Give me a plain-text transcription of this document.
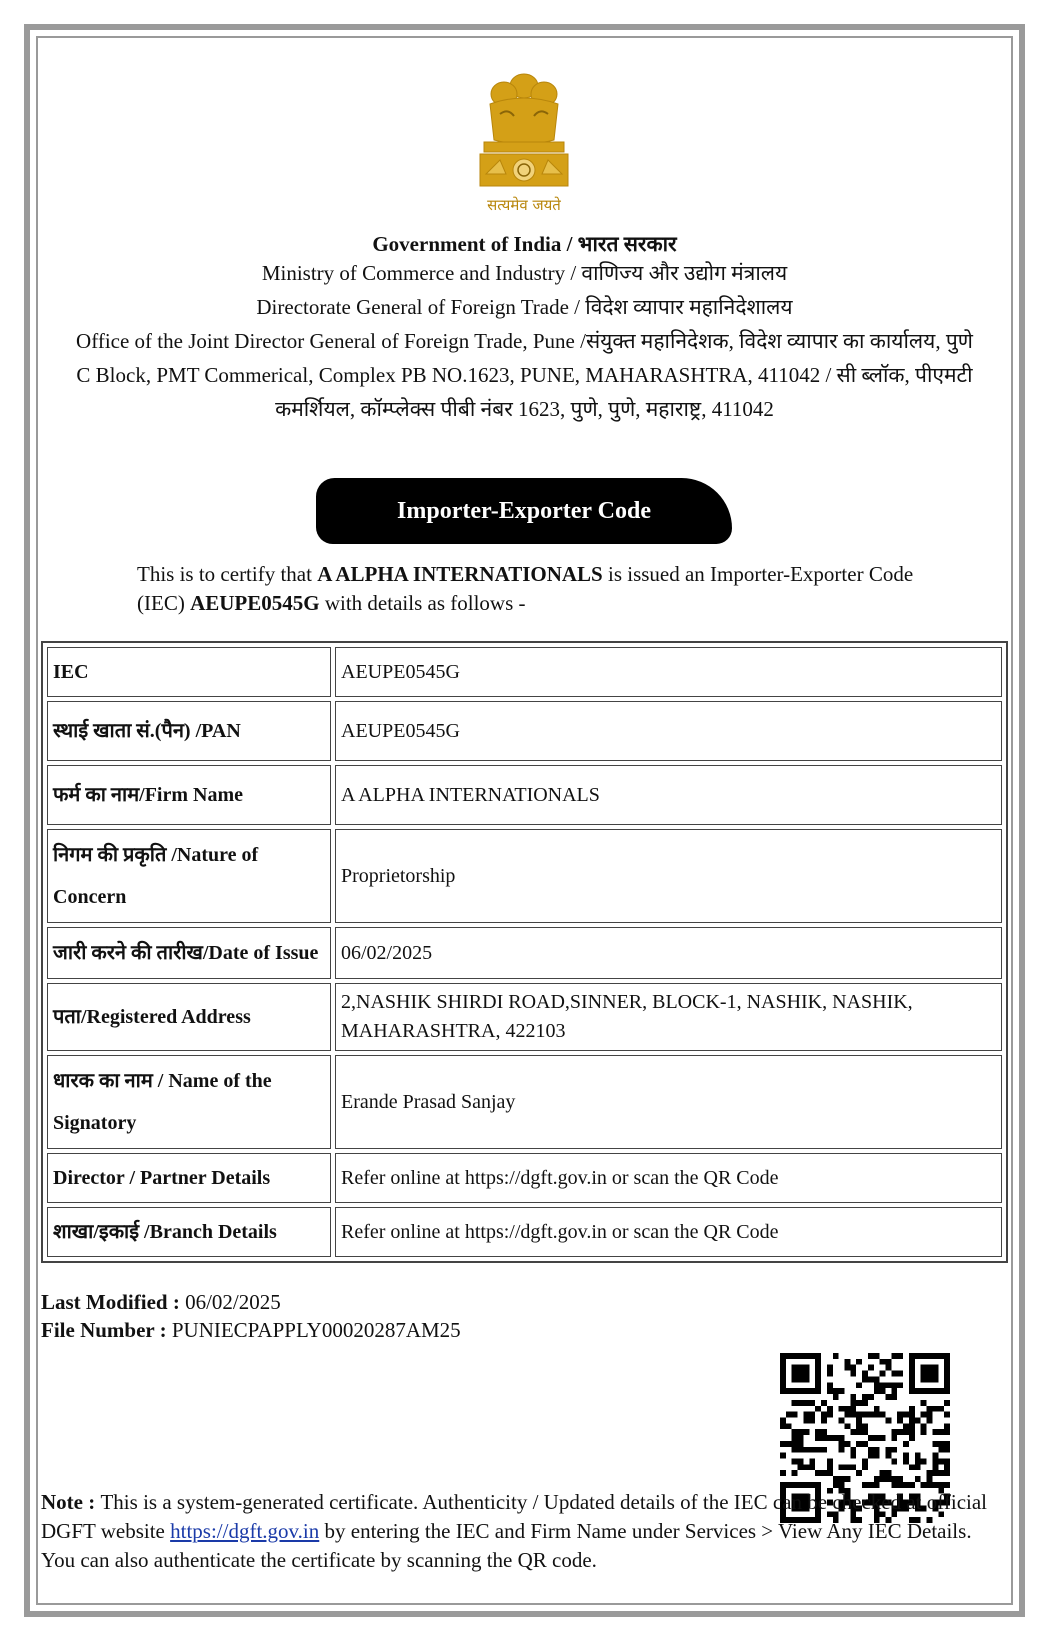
सत्यमेव जयते
Government of India / भारत सरकार
Ministry of Commerce and Industry / वाणिज्य और उद्योग मंत्रालय
Directorate General of Foreign Trade / विदेश व्यापार महानिदेशालय
Office of the Joint Director General of Foreign Trade, Pune /संयुक्त महानिदेशक, विदेश व्यापार का कार्यालय, पुणे
C Block, PMT Commerical, Complex PB NO.1623, PUNE, MAHARASHTRA, 411042 / सी ब्लॉक, पीएमटी
कमर्शियल, कॉम्प्लेक्स पीबी नंबर 1623, पुणे, पुणे, महाराष्ट्र, 411042
Importer-Exporter Code
This is to certify that A ALPHA INTERNATIONALS is issued an Importer-Exporter Code (IEC) AEUPE0545G with details as follows -
IEC	AEUPE0545G
स्थाई खाता सं.(पैन) /PAN	AEUPE0545G
फर्म का नाम/Firm Name	A ALPHA INTERNATIONALS
निगम की प्रकृति /Nature of Concern	Proprietorship
जारी करने की तारीख/Date of Issue	06/02/2025
पता/Registered Address	2,NASHIK SHIRDI ROAD,SINNER, BLOCK-1, NASHIK, NASHIK, MAHARASHTRA, 422103
धारक का नाम / Name of the Signatory	Erande Prasad Sanjay
Director / Partner Details	Refer online at https://dgft.gov.in or scan the QR Code
शाखा/इकाई /Branch Details	Refer online at https://dgft.gov.in or scan the QR Code
Last Modified : 06/02/2025
File Number : PUNIECPAPPLY00020287AM25
Note : This is a system-generated certificate. Authenticity / Updated details of the IEC can be checked at official DGFT website https://dgft.gov.in by entering the IEC and Firm Name under Services > View Any IEC Details. You can also authenticate the certificate by scanning the QR code.
